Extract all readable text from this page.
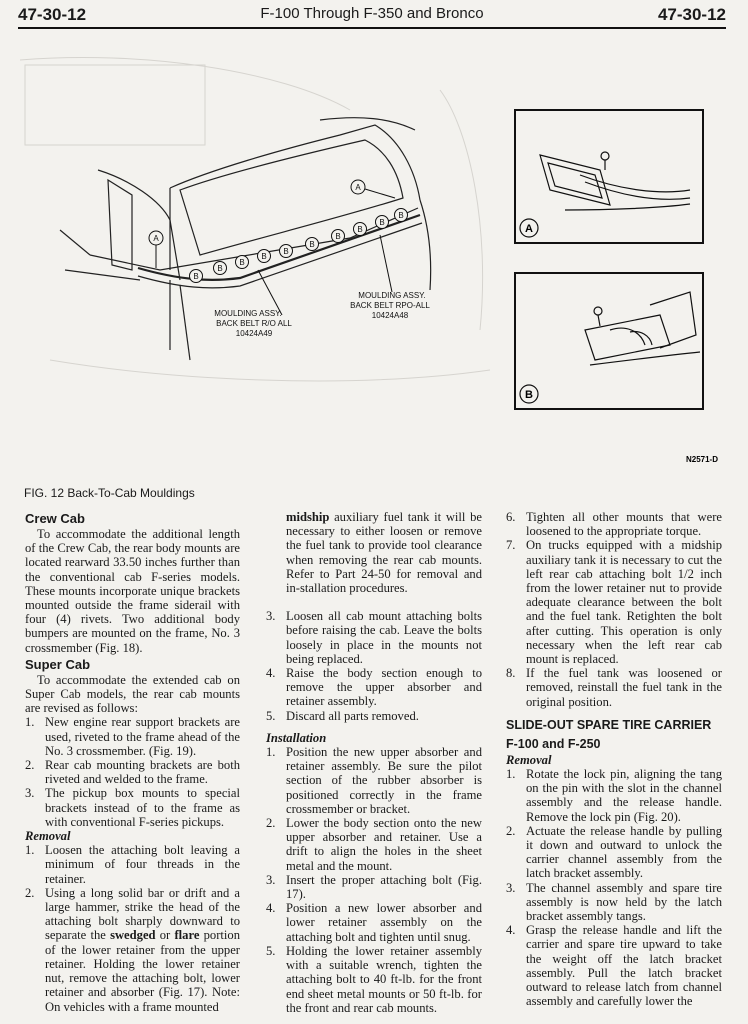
47-30-12	F-100 Through F-350 and Bronco	47-30-12
B
B
B
B
B
B
B
B
B
B
A
A
MOULDING ASSY.
BACK BELT R/O ALL
10424A49
MOULDING ASSY.
BACK BELT RPO-ALL
10424A48
A
B
N2571-D
FIG. 12 Back-To-Cab Mouldings

Crew Cab

To accommodate the additional length of the Crew Cab, the rear body mounts are located rearward 33.50 inches further than the conventional cab F-series models. These mounts incorporate unique brackets mounted outside the frame siderail with four (4) rivets. Two additional body bumpers are mounted on the frame, No. 3 crossmember (Fig. 18).

Super Cab

To accommodate the extended cab on Super Cab models, the rear cab mounts are revised as follows:

1. New engine rear support brackets are used, riveted to the frame ahead of the No. 3 crossmember. (Fig. 19).
2. Rear cab mounting brackets are both riveted and welded to the frame.
3. The pickup box mounts to special brackets instead of to the frame as with conventional F-series pickups.

Removal

1. Loosen the attaching bolt leaving a minimum of four threads in the retainer.
2. Using a long solid bar or drift and a large hammer, strike the head of the attaching bolt sharply downward to separate the swedged or flare portion of the lower retainer from the upper retainer. Holding the lower retainer nut, remove the attaching bolt, lower retainer and absorber (Fig. 17). Note: On vehicles with a frame mounted

midship auxiliary fuel tank it will be necessary to either loosen or remove the fuel tank to provide tool clearance when removing the rear cab mounts. Refer to Part 24-50 for removal and in-stallation procedures.

3. Loosen all cab mount attaching bolts before raising the cab. Leave the bolts loosely in place in the mounts not being replaced.
4. Raise the body section enough to remove the upper absorber and retainer assembly.
5. Discard all parts removed.

Installation

1. Position the new upper absorber and retainer assembly. Be sure the pilot section of the rubber absorber is positioned correctly in the frame crossmember or bracket.
2. Lower the body section onto the new upper absorber and retainer. Use a drift to align the holes in the sheet metal and the mount.
3. Insert the proper attaching bolt (Fig. 17).
4. Position a new lower absorber and lower retainer assembly on the attaching bolt and tighten until snug.
5. Holding the lower retainer assembly with a suitable wrench, tighten the attaching bolt to 40 ft-lb. for the front end sheet metal mounts or 50 ft-lb. for the front and rear cab mounts.
6. Tighten all other mounts that were loosened to the appropriate torque.
7. On trucks equipped with a midship auxiliary tank it is necessary to cut the left rear cab attaching bolt 1/2 inch from the lower retainer nut to provide adequate clearance between the bolt and the fuel tank. Retighten the bolt after cutting. This operation is only necessary when the left rear cab mount is replaced.
8. If the fuel tank was loosened or removed, reinstall the fuel tank in the original position.

SLIDE-OUT SPARE TIRE CARRIER

F-100 and F-250

Removal

1. Rotate the lock pin, aligning the tang on the pin with the slot in the channel assembly and the release handle. Remove the lock pin (Fig. 20).
2. Actuate the release handle by pulling it down and outward to unlock the carrier channel assembly from the latch bracket assembly.
3. The channel assembly and spare tire assembly is now held by the latch bracket assembly tangs.
4. Grasp the release handle and lift the carrier and spare tire upward to take the weight off the latch bracket assembly. Pull the latch bracket outward to release latch from channel assembly and carefully lower the
